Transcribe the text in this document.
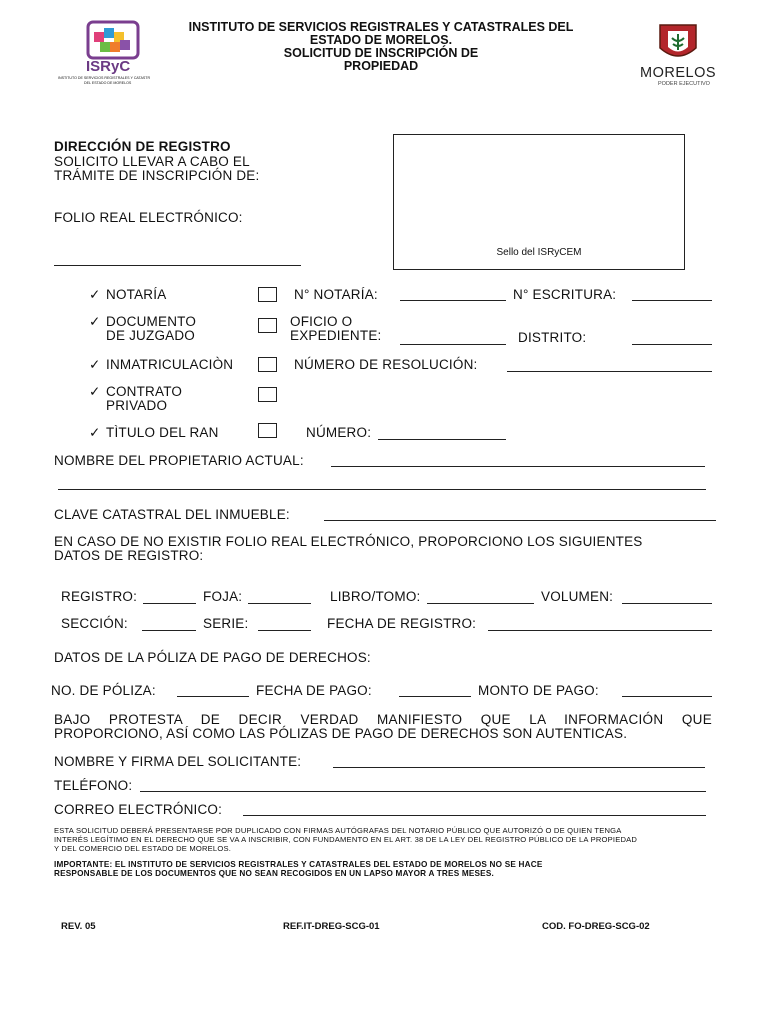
ISRyC
INSTITUTO DE SERVICIOS REGISTRALES Y CATASTR
DEL ESTADO DE MORELOS
INSTITUTO DE SERVICIOS REGISTRALES Y CATASTRALES DEL
ESTADO DE MORELOS.
SOLICITUD DE INSCRIPCIÓN DE
PROPIEDAD	MORELOS
PODER EJECUTIVO
DIRECCIÓN DE REGISTRO
SOLICITO LLEVAR A CABO EL
TRÁMITE DE INSCRIPCIÓN DE:
FOLIO REAL ELECTRÓNICO:
Sello del ISRyCEM
✓ NOTARÍA	N° NOTARÍA:	N° ESCRITURA:
✓ DOCUMENTO
DE JUZGADO
OFICIO O
EXPEDIENTE:	DISTRITO:
✓ INMATRICULACIÒN	NÚMERO DE RESOLUCIÓN:
✓ CONTRATO
PRIVADO
✓ TÌTULO DEL RAN	NÚMERO:
NOMBRE DEL PROPIETARIO ACTUAL:
CLAVE CATASTRAL DEL INMUEBLE:
EN CASO DE NO EXISTIR FOLIO REAL ELECTRÓNICO, PROPORCIONO LOS SIGUIENTES
DATOS DE REGISTRO:
REGISTRO:	FOJA:	LIBRO/TOMO:	VOLUMEN:
SECCIÓN:	SERIE:	FECHA DE REGISTRO:
DATOS DE LA PÓLIZA DE PAGO DE DERECHOS:
NO. DE PÓLIZA:	FECHA DE PAGO:	MONTO DE PAGO:
BAJO PROTESTA DE DECIR VERDAD MANIFIESTO QUE LA INFORMACIÓN QUE
PROPORCIONO, ASÍ COMO LAS PÓLIZAS DE PAGO DE DERECHOS SON AUTENTICAS.
NOMBRE Y FIRMA DEL SOLICITANTE:
TELÉFONO:
CORREO ELECTRÓNICO:
ESTA SOLICITUD DEBERÁ PRESENTARSE POR DUPLICADO CON FIRMAS AUTÓGRAFAS DEL NOTARIO PÚBLICO QUE AUTORIZÓ O DE QUIEN TENGA
INTERÉS LEGÍTIMO EN EL DERECHO QUE SE VA A INSCRIBIR, CON FUNDAMENTO EN EL ART. 38 DE LA LEY DEL REGISTRO PÚBLICO DE LA PROPIEDAD
Y DEL COMERCIO DEL ESTADO DE MORELOS.
IMPORTANTE: EL INSTITUTO DE SERVICIOS REGISTRALES Y CATASTRALES DEL ESTADO DE MORELOS NO SE HACE
RESPONSABLE DE LOS DOCUMENTOS QUE NO SEAN RECOGIDOS EN UN LAPSO MAYOR A TRES MESES.
REV. 05	REF.IT-DREG-SCG-01	COD. FO-DREG-SCG-02
